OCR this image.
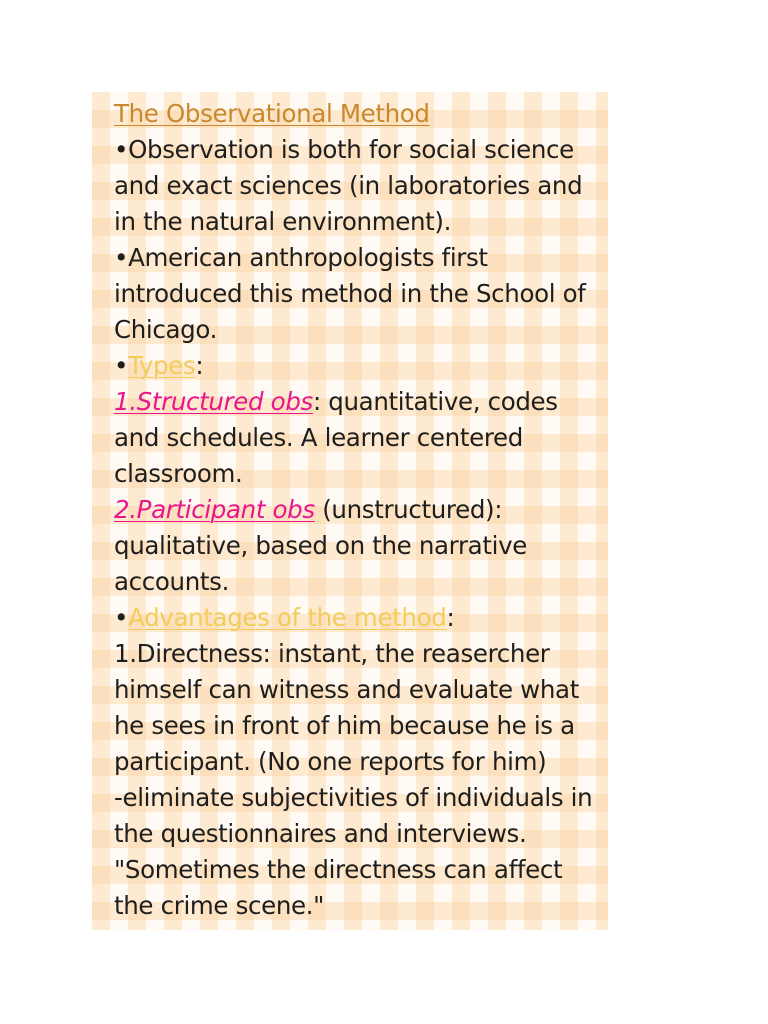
The Observational Method

•Observation is both for social science and exact sciences (in laboratories and in the natural environment).

•American anthropologists first introduced this method in the School of Chicago.

•Types:

1.Structured obs: quantitative, codes and schedules. A learner centered classroom.

2.Participant obs (unstructured): qualitative, based on the narrative accounts.

•Advantages of the method:

1.Directness: instant, the reasercher himself can witness and evaluate what he sees in front of him because he is a participant. (No one reports for him)

-eliminate subjectivities of individuals in the questionnaires and interviews.

"Sometimes the directness can affect the crime scene."
